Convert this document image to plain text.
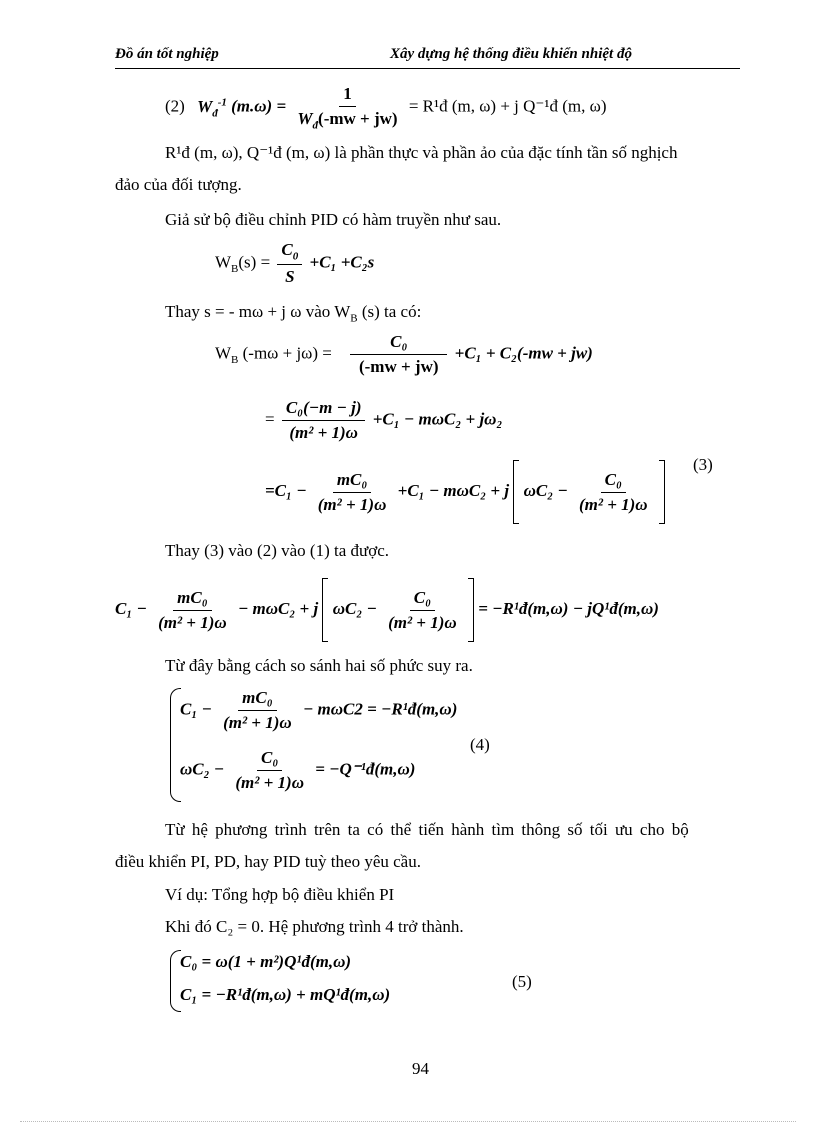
Đồ án tốt nghiệp	Xây dựng hệ thống điều khiển nhiệt độ
(2) $W_đ^{-1}$ $(m.\omega) = \frac{1}{W_đ(-mw + jw)}$ = R¹đ (m, ω) + j Q⁻¹đ (m, ω)
R¹đ (m, ω), Q⁻¹đ (m, ω) là phần thực và phần ảo của đặc tính tần số nghịch
đảo của đối tượng.
Giả sử bộ điều chỉnh PID có hàm truyền như sau.
$W_B(s) = \frac{C_0}{S} +C_1 +C_2s$
Thay s = - mω + j ω vào $W_B$ (s) ta có:
$W_B$ $(-m\omega + j\omega) = \frac{\text{C₀}}{(-mw + jw)} +C_1 + C_2(-mw + jw)$
= $\frac{\text{C₀(−m − j)}}{\text{(m² + 1)ω}} +C_1 - m\omega C_2 + j\omega_2$
$=C_1 - \frac{\text{mC₀}}{\text{(m² + 1)ω}} +C_1 - m\omega C_2 + j$ $\omega C_2 - \frac{\text{C₀}}{\text{(m² + 1)ω}}$

(3)
Thay (3) vào (2) vào (1) ta được.
$C_1 - \frac{\text{mC₀}}{\text{(m² + 1)ω}} - m\omega C_2 + j$ $\omega C_2 - \frac{\text{C₀}}{\text{(m² + 1)ω}}$ = −R¹đ(m,ω) − jQ¹đ(m,ω)
Từ đây bằng cách so sánh hai số phức suy ra.
$C_1 - \frac{\text{mC₀}}{\text{(m² + 1)ω}} - m\omega C2$ = −R¹đ(m,ω)
$\omega C_2 - \frac{\text{C₀}}{\text{(m² + 1)ω}}$ = −Q⁻¹đ(m,ω)
(4)
Từ hệ phương trình trên ta có thể tiến hành tìm thông số tối ưu cho bộ
điều khiển PI, PD, hay PID tuỳ theo yêu cầu.
Ví dụ: Tổng hợp bộ điều khiển PI
Khi đó C₂ = 0. Hệ phương trình 4 trở thành.
C₀ = ω(1 + m²)Q¹đ(m,ω)
C₁ = −R¹đ(m,ω) + mQ¹đ(m,ω)
(5)
94
